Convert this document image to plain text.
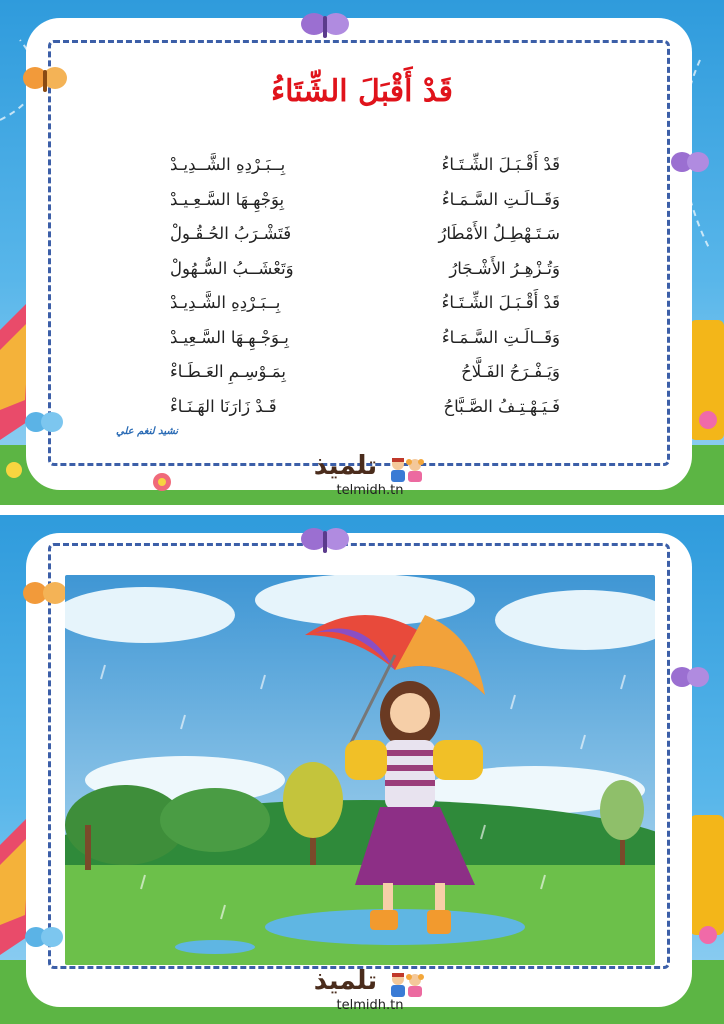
قَدْ أَقْبَلَ الشِّتَاءُ
قَدْ أَقْـبَـلَ الشِّـتَـاءُ
بِــبَـرْدِهِ الشَّــدِيـدْ
وَقَــالَـتِ السَّـمَـاءُ
بِوَجْهِـهَا السَّـعِـيـدْ
سَـتَـهْطِـلُ الأَمْطَارُ
فَتَشْـرَبُ الحُـقُـولْ
وَتُـزْهِـرُ الأَشْـجَارُ
وَتَعْشَــبُ السُّـهُولْ
قَدْ أَقْـبَـلَ الشِّـتَـاءُ
بِــبَـرْدِهِ الشَّـدِيـدْ
وَقَــالَـتِ السَّـمَـاءُ
بِـوَجْـهِـهَا السَّـعِيـدْ
وَيَـفْـرَحُ الفَـلَّاحُ
بِمَـوْسِـمِ العَـطَـاءْ
فَـيَـهْـتِـفُ الصَّـبَّاحُ
قَـدْ زَارَنَا الهَـنَـاءْ
نشيد لنغم علي
تلميذ
telmidh.tn
تلميذ
telmidh.tn
